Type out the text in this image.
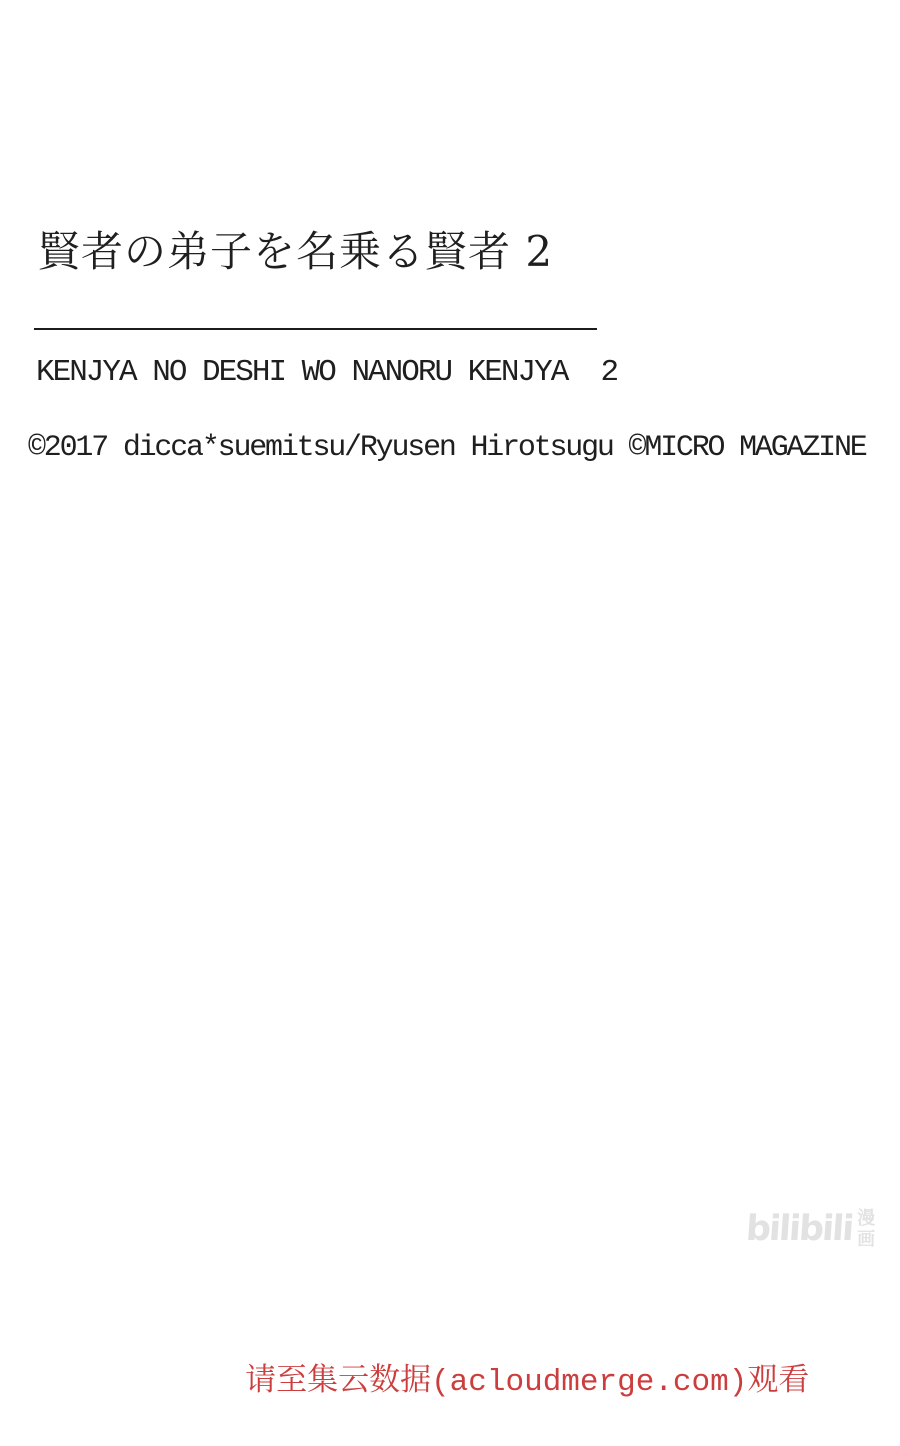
賢者の弟子を名乗る賢者 2
KENJYA NO DESHI WO NANORU KENJYA  2
©2017 dicca*suemitsu/Ryusen Hirotsugu ©MICRO MAGAZINE
bilibili 漫
画

请至集云数据(acloudmerge.com)观看
